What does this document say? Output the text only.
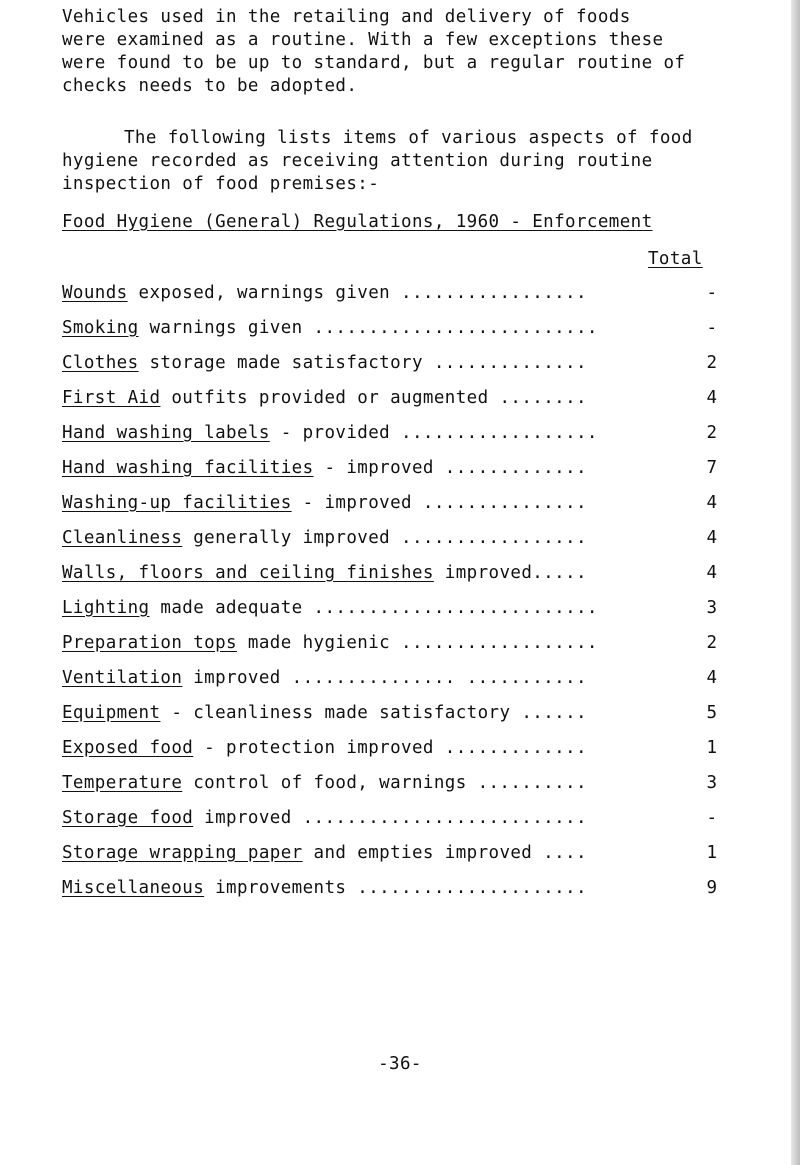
Vehicles used in the retailing and delivery of foods
were examined as a routine. With a few exceptions these
were found to be up to standard, but a regular routine of
checks needs to be adopted.
The following lists items of various aspects of food
hygiene recorded as receiving attention during routine
inspection of food premises:-
Food Hygiene (General) Regulations, 1960 - Enforcement
Total
Wounds exposed, warnings given .................	-
Smoking warnings given ..........................	-
Clothes storage made satisfactory ..............	2
First Aid outfits provided or augmented ........	4
Hand washing labels - provided ..................	2
Hand washing facilities - improved .............	7
Washing-up facilities - improved ...............	4
Cleanliness generally improved .................	4
Walls, floors and ceiling finishes improved.....	4
Lighting made adequate ..........................	3
Preparation tops made hygienic ..................	2
Ventilation improved ............... ...........	4
Equipment - cleanliness made satisfactory ......	5
Exposed food - protection improved .............	1
Temperature control of food, warnings ..........	3
Storage food improved ..........................	-
Storage wrapping paper and empties improved ....	1
Miscellaneous improvements .....................	9
-36-
